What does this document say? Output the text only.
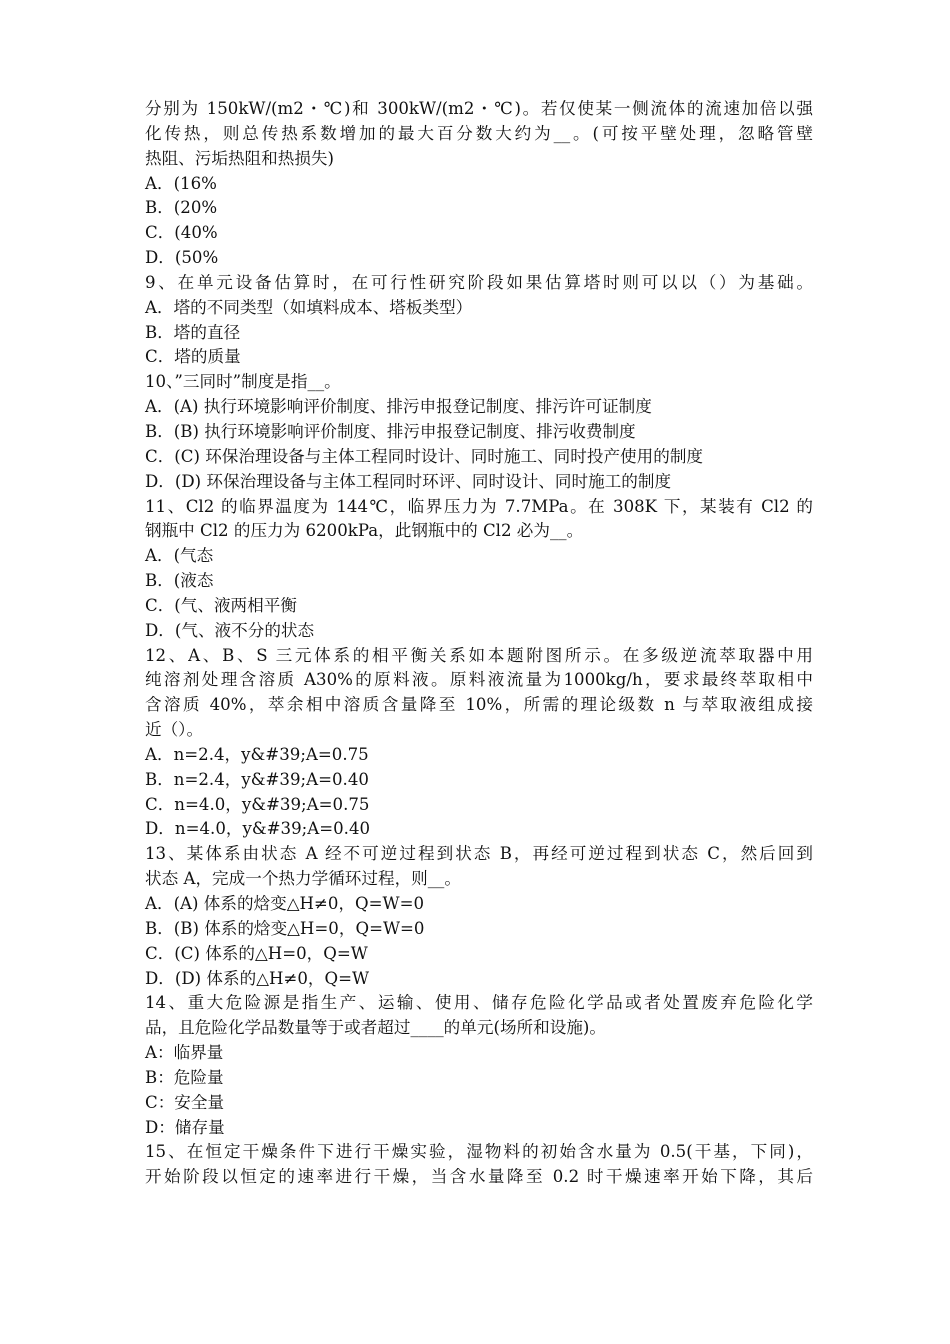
分别为 150kW/(m2・℃)和 300kW/(m2・℃)。若仅使某一侧流体的流速加倍以强
化传热，则总传热系数增加的最大百分数大约为__。(可按平壁处理，忽略管壁
热阻、污垢热阻和热损失)
A．(16%
B．(20%
C．(40%
D．(50%
9、在单元设备估算时，在可行性研究阶段如果估算塔时则可以以（）为基础。
A．塔的不同类型（如填料成本、塔板类型）
B．塔的直径
C．塔的质量
10、”三同时”制度是指__。
A．(A) 执行环境影响评价制度、排污申报登记制度、排污许可证制度
B．(B) 执行环境影响评价制度、排污申报登记制度、排污收费制度
C．(C) 环保治理设备与主体工程同时设计、同时施工、同时投产使用的制度
D．(D) 环保治理设备与主体工程同时环评、同时设计、同时施工的制度
11、Cl2 的临界温度为 144℃，临界压力为 7.7MPa。在 308K 下，某装有 Cl2 的
钢瓶中 Cl2 的压力为 6200kPa，此钢瓶中的 Cl2 必为__。
A．(气态
B．(液态
C．(气、液两相平衡
D．(气、液不分的状态
12、A、B、S 三元体系的相平衡关系如本题附图所示。在多级逆流萃取器中用
纯溶剂处理含溶质 A30%的原料液。原料液流量为1000kg/h，要求最终萃取相中
含溶质 40%，萃余相中溶质含量降至 10%，所需的理论级数 n 与萃取液组成接
近（）。
A．n=2.4，y&#39;A=0.75
B．n=2.4，y&#39;A=0.40
C．n=4.0，y&#39;A=0.75
D．n=4.0，y&#39;A=0.40
13、某体系由状态 A 经不可逆过程到状态 B，再经可逆过程到状态 C，然后回到
状态 A，完成一个热力学循环过程，则__。
A．(A) 体系的焓变△H≠0，Q=W=0
B．(B) 体系的焓变△H=0，Q=W=0
C．(C) 体系的△H=0，Q=W
D．(D) 体系的△H≠0，Q=W
14、重大危险源是指生产、运输、使用、储存危险化学品或者处置废弃危险化学
品，且危险化学品数量等于或者超过____的单元(场所和设施)。
A：临界量
B：危险量
C：安全量
D：储存量
15、在恒定干燥条件下进行干燥实验，湿物料的初始含水量为 0.5(干基，下同)，
开始阶段以恒定的速率进行干燥，当含水量降至 0.2 时干燥速率开始下降，其后
